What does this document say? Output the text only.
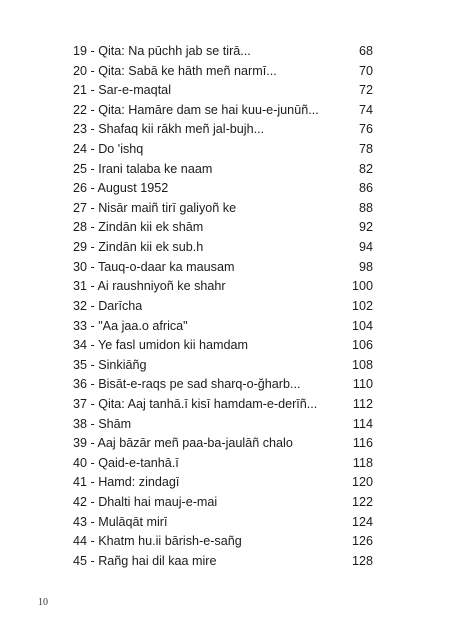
19 - Qita: Na pūchh jab se tirā...	68
20 - Qita: Sabā ke hāth meñ narmī...	70
21 - Sar-e-maqtal	72
22 - Qita: Hamāre dam se hai kuu-e-junūñ...	74
23 - Shafaq kii rākh meñ jal-bujh...	76
24 - Do 'ishq	78
25 - Irani talaba ke naam	82
26 - August 1952	86
27 - Nisār maiñ tirī galiyoñ ke	88
28 - Zindān kii ek shām	92
29 - Zindān kii ek sub.h	94
30 - Tauq-o-daar ka mausam	98
31 - Ai raushniyoñ ke shahr	100
32 - Darīcha	102
33 - "Aa jaa.o africa"	104
34 - Ye fasl umidon kii hamdam	106
35 - Sinkiāñg	108
36 - Bisāt-e-raqs pe sad sharq-o-ğharb...	110
37 - Qita: Aaj tanhā.ī kisī hamdam-e-derīñ...	112
38 - Shām	114
39 - Aaj bāzār meñ paa-ba-jaulāñ chalo	116
40 - Qaid-e-tanhā.ī	118
41 - Hamd: zindagī	120
42 - Dhalti hai mauj-e-mai	122
43 - Mulāqāt mirī	124
44 - Khatm hu.ii bārish-e-sañg	126
45 - Rañg hai dil kaa mire	128
10
